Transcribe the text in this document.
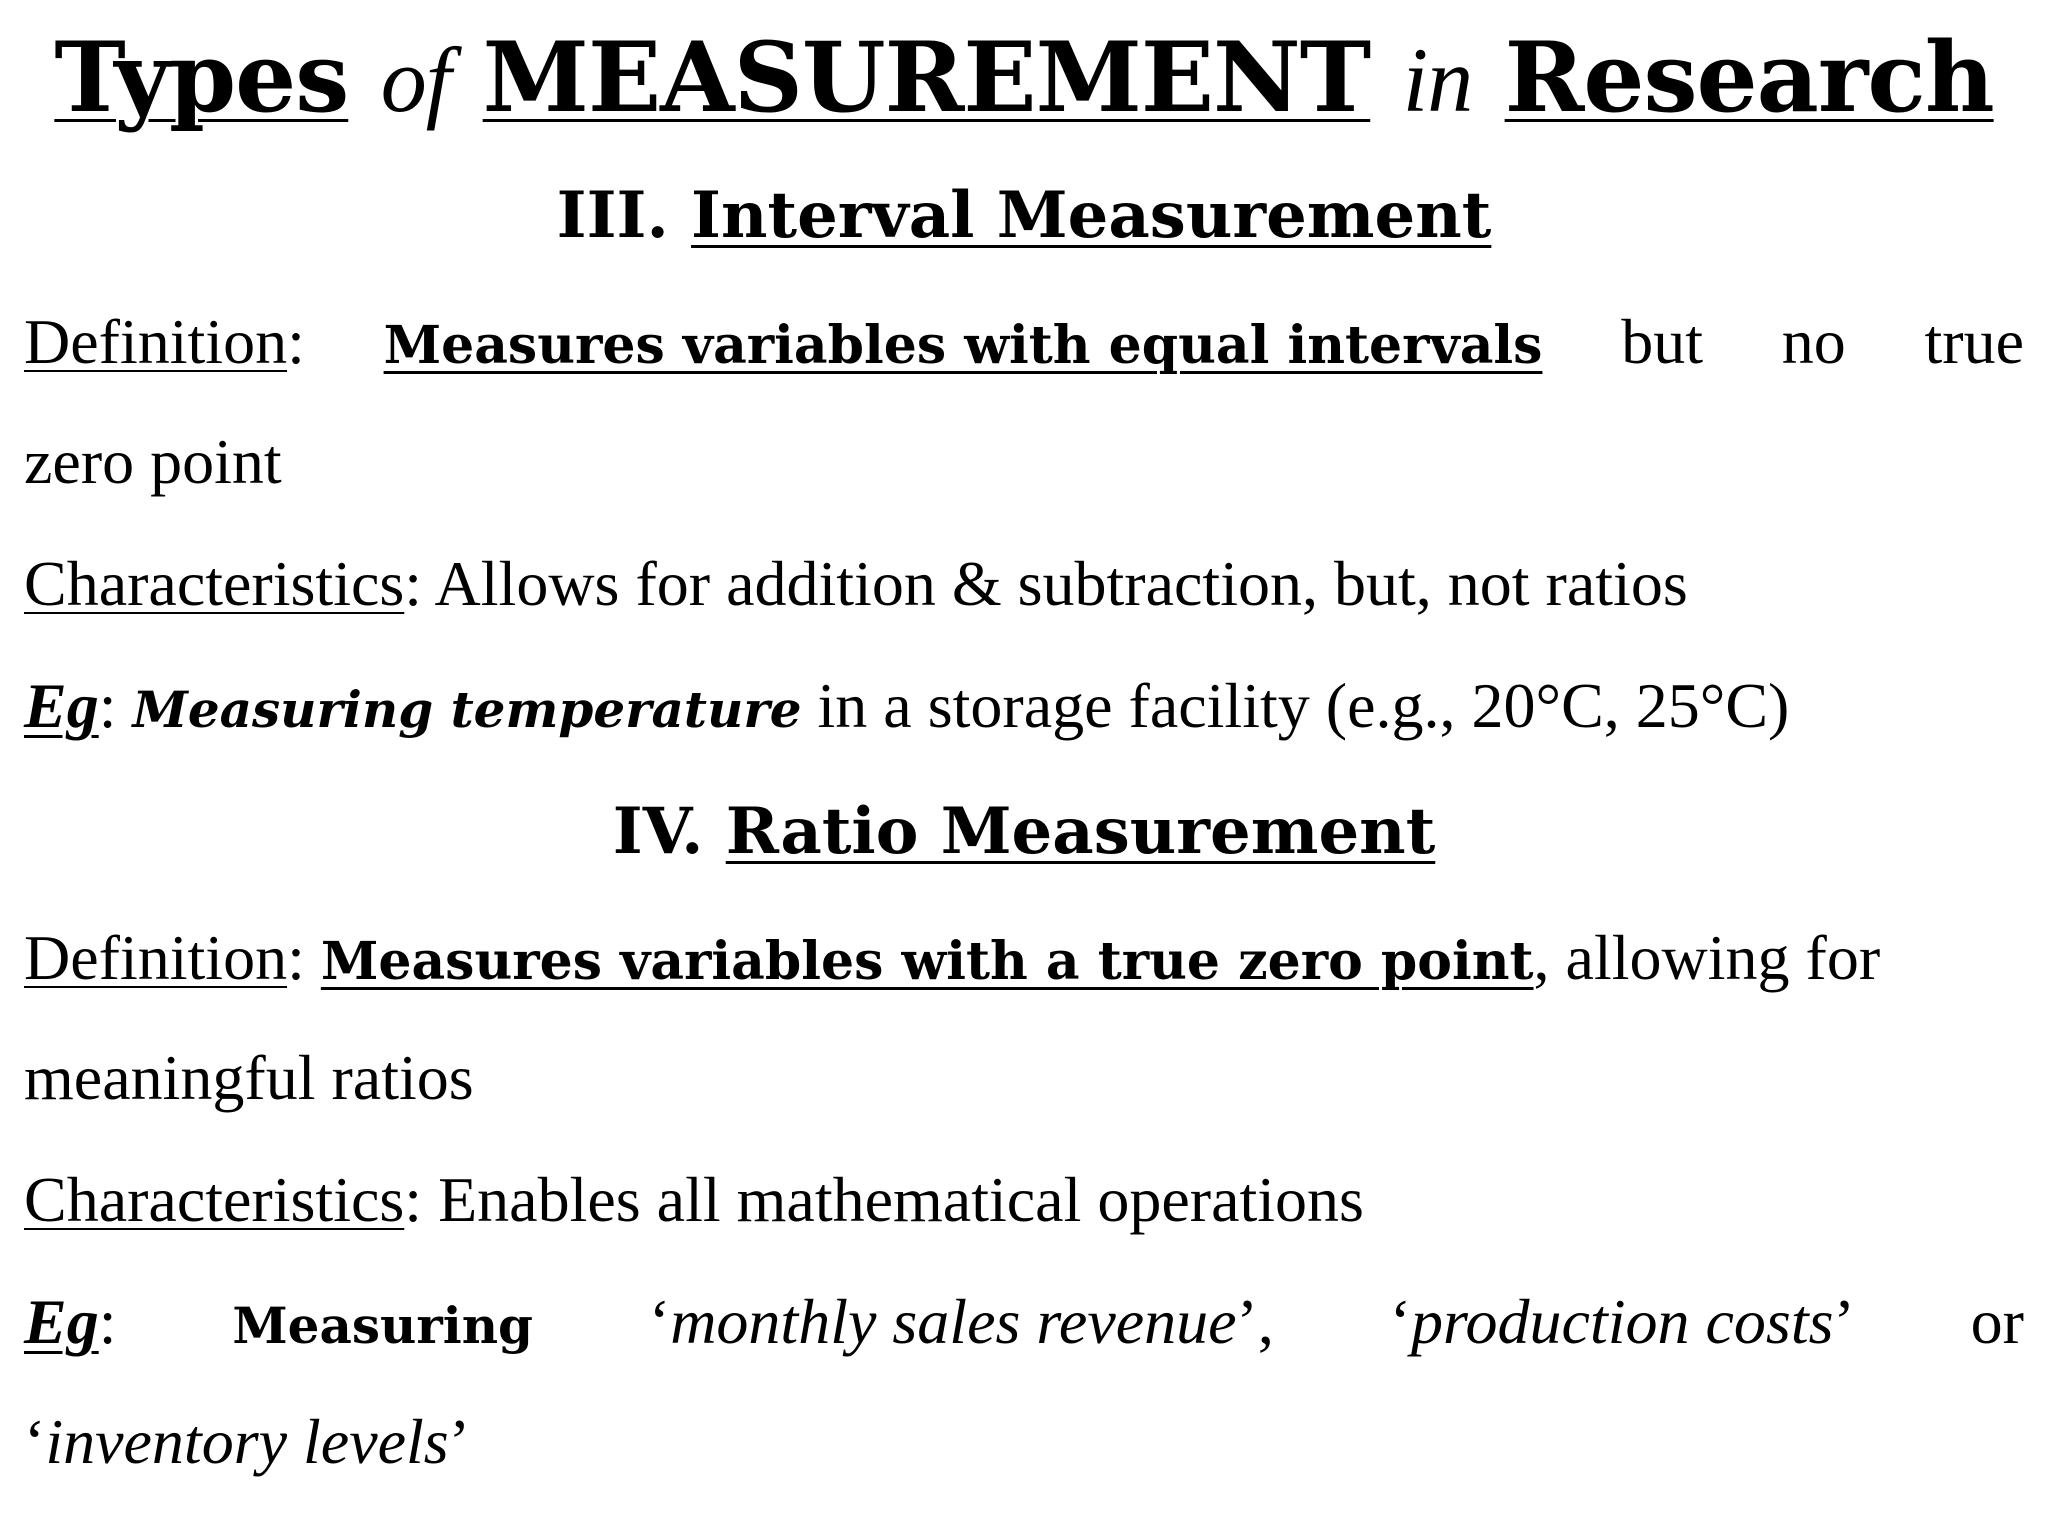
Types of MEASUREMENT in Research
III. Interval Measurement
Definition: Measures variables with equal intervals but no true
zero point
Characteristics: Allows for addition & subtraction, but, not ratios
Eg: Measuring temperature in a storage facility (e.g., 20°C, 25°C)
IV. Ratio Measurement
Definition: Measures variables with a true zero point, allowing for
meaningful ratios
Characteristics: Enables all mathematical operations
Eg: Measuring ‘monthly sales revenue’, ‘production costs’ or
‘inventory levels’
